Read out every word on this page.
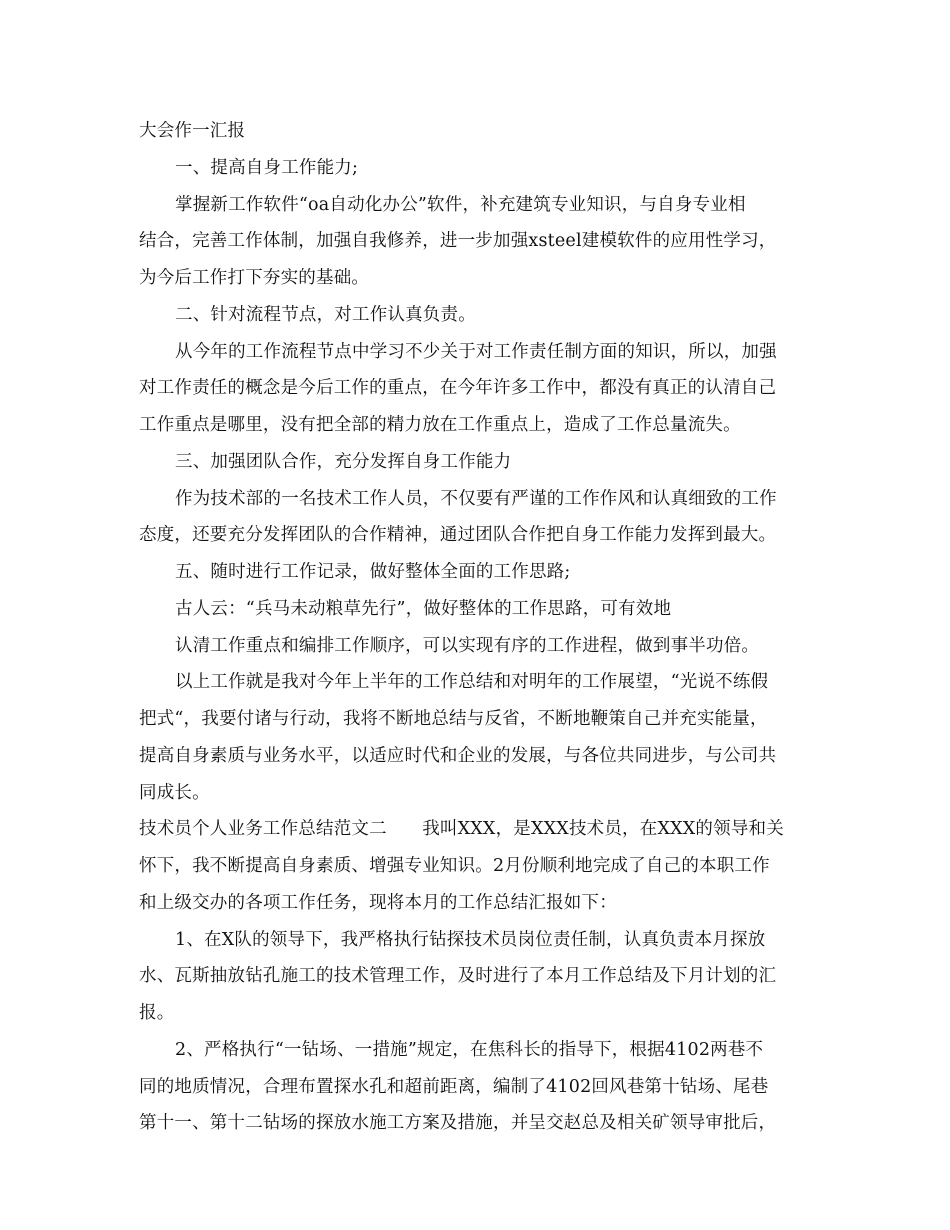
大会作一汇报

一、提高自身工作能力;

掌握新工作软件“oa自动化办公”软件，补充建筑专业知识，与自身专业相

结合，完善工作体制，加强自我修养，进一步加强xsteel建模软件的应用性学习，

为今后工作打下夯实的基础。

二、针对流程节点，对工作认真负责。

从今年的工作流程节点中学习不少关于对工作责任制方面的知识，所以，加强

对工作责任的概念是今后工作的重点，在今年许多工作中，都没有真正的认清自己

工作重点是哪里，没有把全部的精力放在工作重点上，造成了工作总量流失。

三、加强团队合作，充分发挥自身工作能力

作为技术部的一名技术工作人员，不仅要有严谨的工作作风和认真细致的工作

态度，还要充分发挥团队的合作精神，通过团队合作把自身工作能力发挥到最大。

五、随时进行工作记录，做好整体全面的工作思路;

古人云：“兵马未动粮草先行”，做好整体的工作思路，可有效地

认清工作重点和编排工作顺序，可以实现有序的工作进程，做到事半功倍。

以上工作就是我对今年上半年的工作总结和对明年的工作展望，“光说不练假

把式“，我要付诸与行动，我将不断地总结与反省，不断地鞭策自己并充实能量，

提高自身素质与业务水平，以适应时代和企业的发展，与各位共同进步，与公司共

同成长。

技术员个人业务工作总结范文二　　我叫XXX，是XXX技术员，在XXX的领导和关

怀下，我不断提高自身素质、增强专业知识。2月份顺利地完成了自己的本职工作

和上级交办的各项工作任务，现将本月的工作总结汇报如下：

1、在X队的领导下，我严格执行钻探技术员岗位责任制，认真负责本月探放

水、瓦斯抽放钻孔施工的技术管理工作，及时进行了本月工作总结及下月计划的汇

报。

2、严格执行“一钻场、一措施”规定，在焦科长的指导下，根据4102两巷不

同的地质情况，合理布置探水孔和超前距离，编制了4102回风巷第十钻场、尾巷

第十一、第十二钻场的探放水施工方案及措施，并呈交赵总及相关矿领导审批后，
